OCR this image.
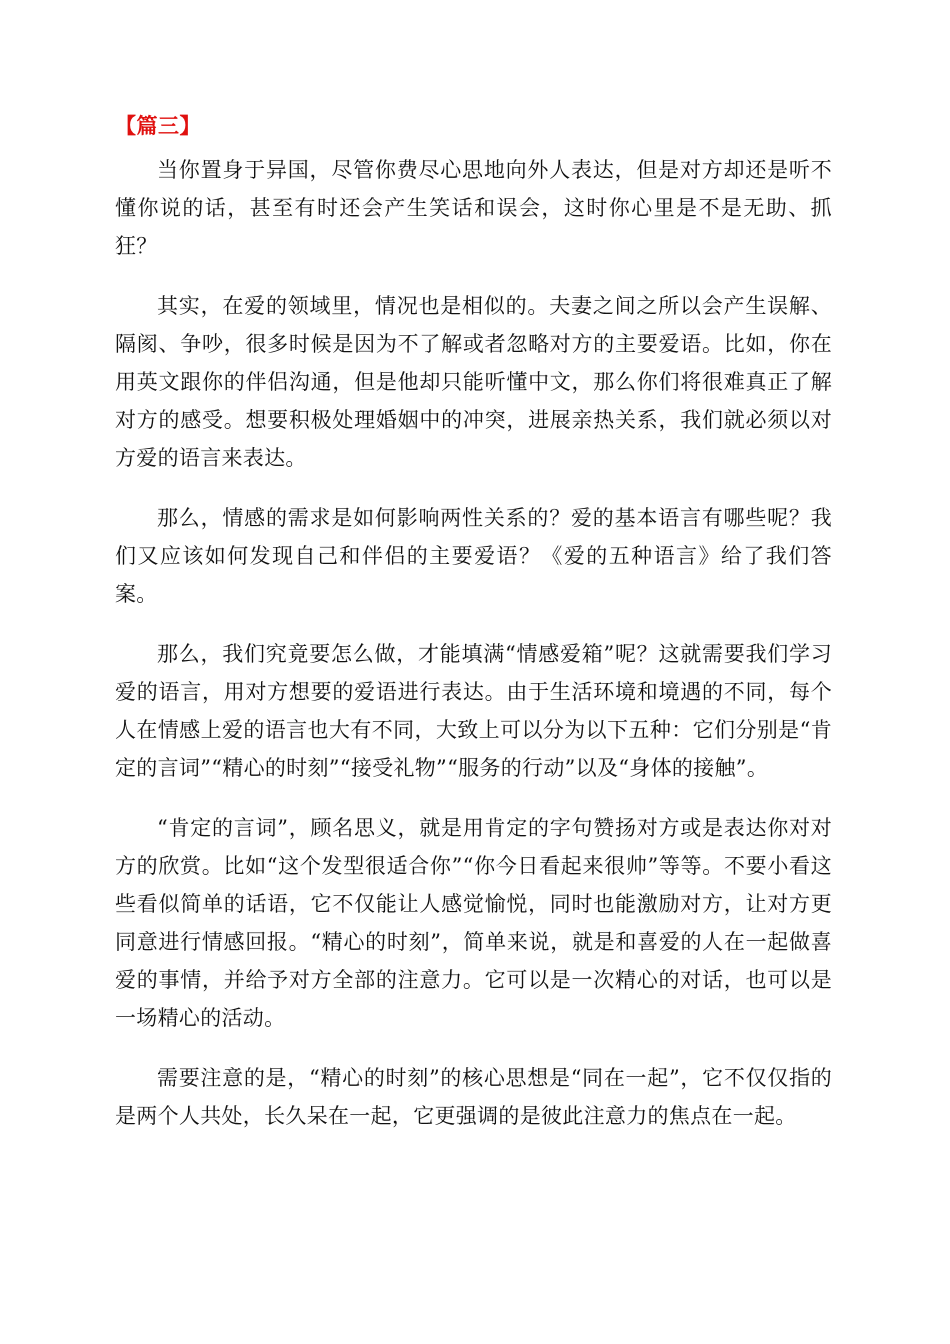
【篇三】

当你置身于异国，尽管你费尽心思地向外人表达，但是对方却还是听不懂你说的话，甚至有时还会产生笑话和误会，这时你心里是不是无助、抓狂？

其实，在爱的领域里，情况也是相似的。夫妻之间之所以会产生误解、隔阂、争吵，很多时候是因为不了解或者忽略对方的主要爱语。比如，你在用英文跟你的伴侣沟通，但是他却只能听懂中文，那么你们将很难真正了解对方的感受。想要积极处理婚姻中的冲突，进展亲热关系，我们就必须以对方爱的语言来表达。

那么，情感的需求是如何影响两性关系的？爱的基本语言有哪些呢？我们又应该如何发现自己和伴侣的主要爱语？《爱的五种语言》给了我们答案。

那么，我们究竟要怎么做，才能填满“情感爱箱”呢？这就需要我们学习爱的语言，用对方想要的爱语进行表达。由于生活环境和境遇的不同，每个人在情感上爱的语言也大有不同，大致上可以分为以下五种：它们分别是“肯定的言词”“精心的时刻”“接受礼物”“服务的行动”以及“身体的接触”。

“肯定的言词”，顾名思义，就是用肯定的字句赞扬对方或是表达你对对方的欣赏。比如“这个发型很适合你”“你今日看起来很帅”等等。不要小看这些看似简单的话语，它不仅能让人感觉愉悦，同时也能激励对方，让对方更同意进行情感回报。“精心的时刻”，简单来说，就是和喜爱的人在一起做喜爱的事情，并给予对方全部的注意力。它可以是一次精心的对话，也可以是一场精心的活动。

需要注意的是，“精心的时刻”的核心思想是“同在一起”，它不仅仅指的是两个人共处，长久呆在一起，它更强调的是彼此注意力的焦点在一起。
